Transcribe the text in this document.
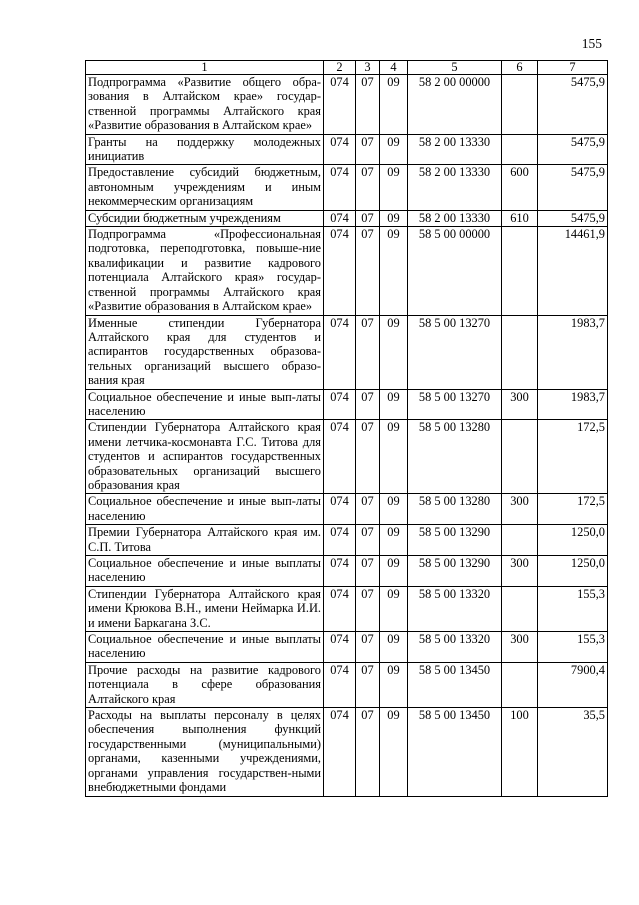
155
1	2	3	4	5	6	7
Подпрограмма «Развитие общего обра-зования в Алтайском крае» государ-ственной программы Алтайского края «Развитие образования в Алтайском крае»	074	07	09	58 2 00 00000		5475,9
Гранты на поддержку молодежных инициатив	074	07	09	58 2 00 13330		5475,9
Предоставление субсидий бюджетным, автономным учреждениям и иным некоммерческим организациям	074	07	09	58 2 00 13330	600	5475,9
Субсидии бюджетным учреждениям	074	07	09	58 2 00 13330	610	5475,9
Подпрограмма «Профессиональная подготовка, переподготовка, повыше-ние квалификации и развитие кадрового потенциала Алтайского края» государ-ственной программы Алтайского края «Развитие образования в Алтайском крае»	074	07	09	58 5 00 00000		14461,9
Именные стипендии Губернатора Алтайского края для студентов и аспирантов государственных образова-тельных организаций высшего образо-вания края	074	07	09	58 5 00 13270		1983,7
Социальное обеспечение и иные вып-латы населению	074	07	09	58 5 00 13270	300	1983,7
Стипендии Губернатора Алтайского края имени летчика-космонавта Г.С. Титова для студентов и аспирантов государственных образовательных организаций высшего образования края	074	07	09	58 5 00 13280		172,5
Социальное обеспечение и иные вып-латы населению	074	07	09	58 5 00 13280	300	172,5
Премии Губернатора Алтайского края им. С.П. Титова	074	07	09	58 5 00 13290		1250,0
Социальное обеспечение и иные выплаты населению	074	07	09	58 5 00 13290	300	1250,0
Стипендии Губернатора Алтайского края имени Крюкова В.Н., имени Неймарка И.И. и имени Баркагана З.С.	074	07	09	58 5 00 13320		155,3
Социальное обеспечение и иные выплаты населению	074	07	09	58 5 00 13320	300	155,3
Прочие расходы на развитие кадрового потенциала в сфере образования Алтайского края	074	07	09	58 5 00 13450		7900,4
Расходы на выплаты персоналу в целях обеспечения выполнения функций государственными (муниципальными) органами, казенными учреждениями, органами управления государствен-ными внебюджетными фондами	074	07	09	58 5 00 13450	100	35,5
